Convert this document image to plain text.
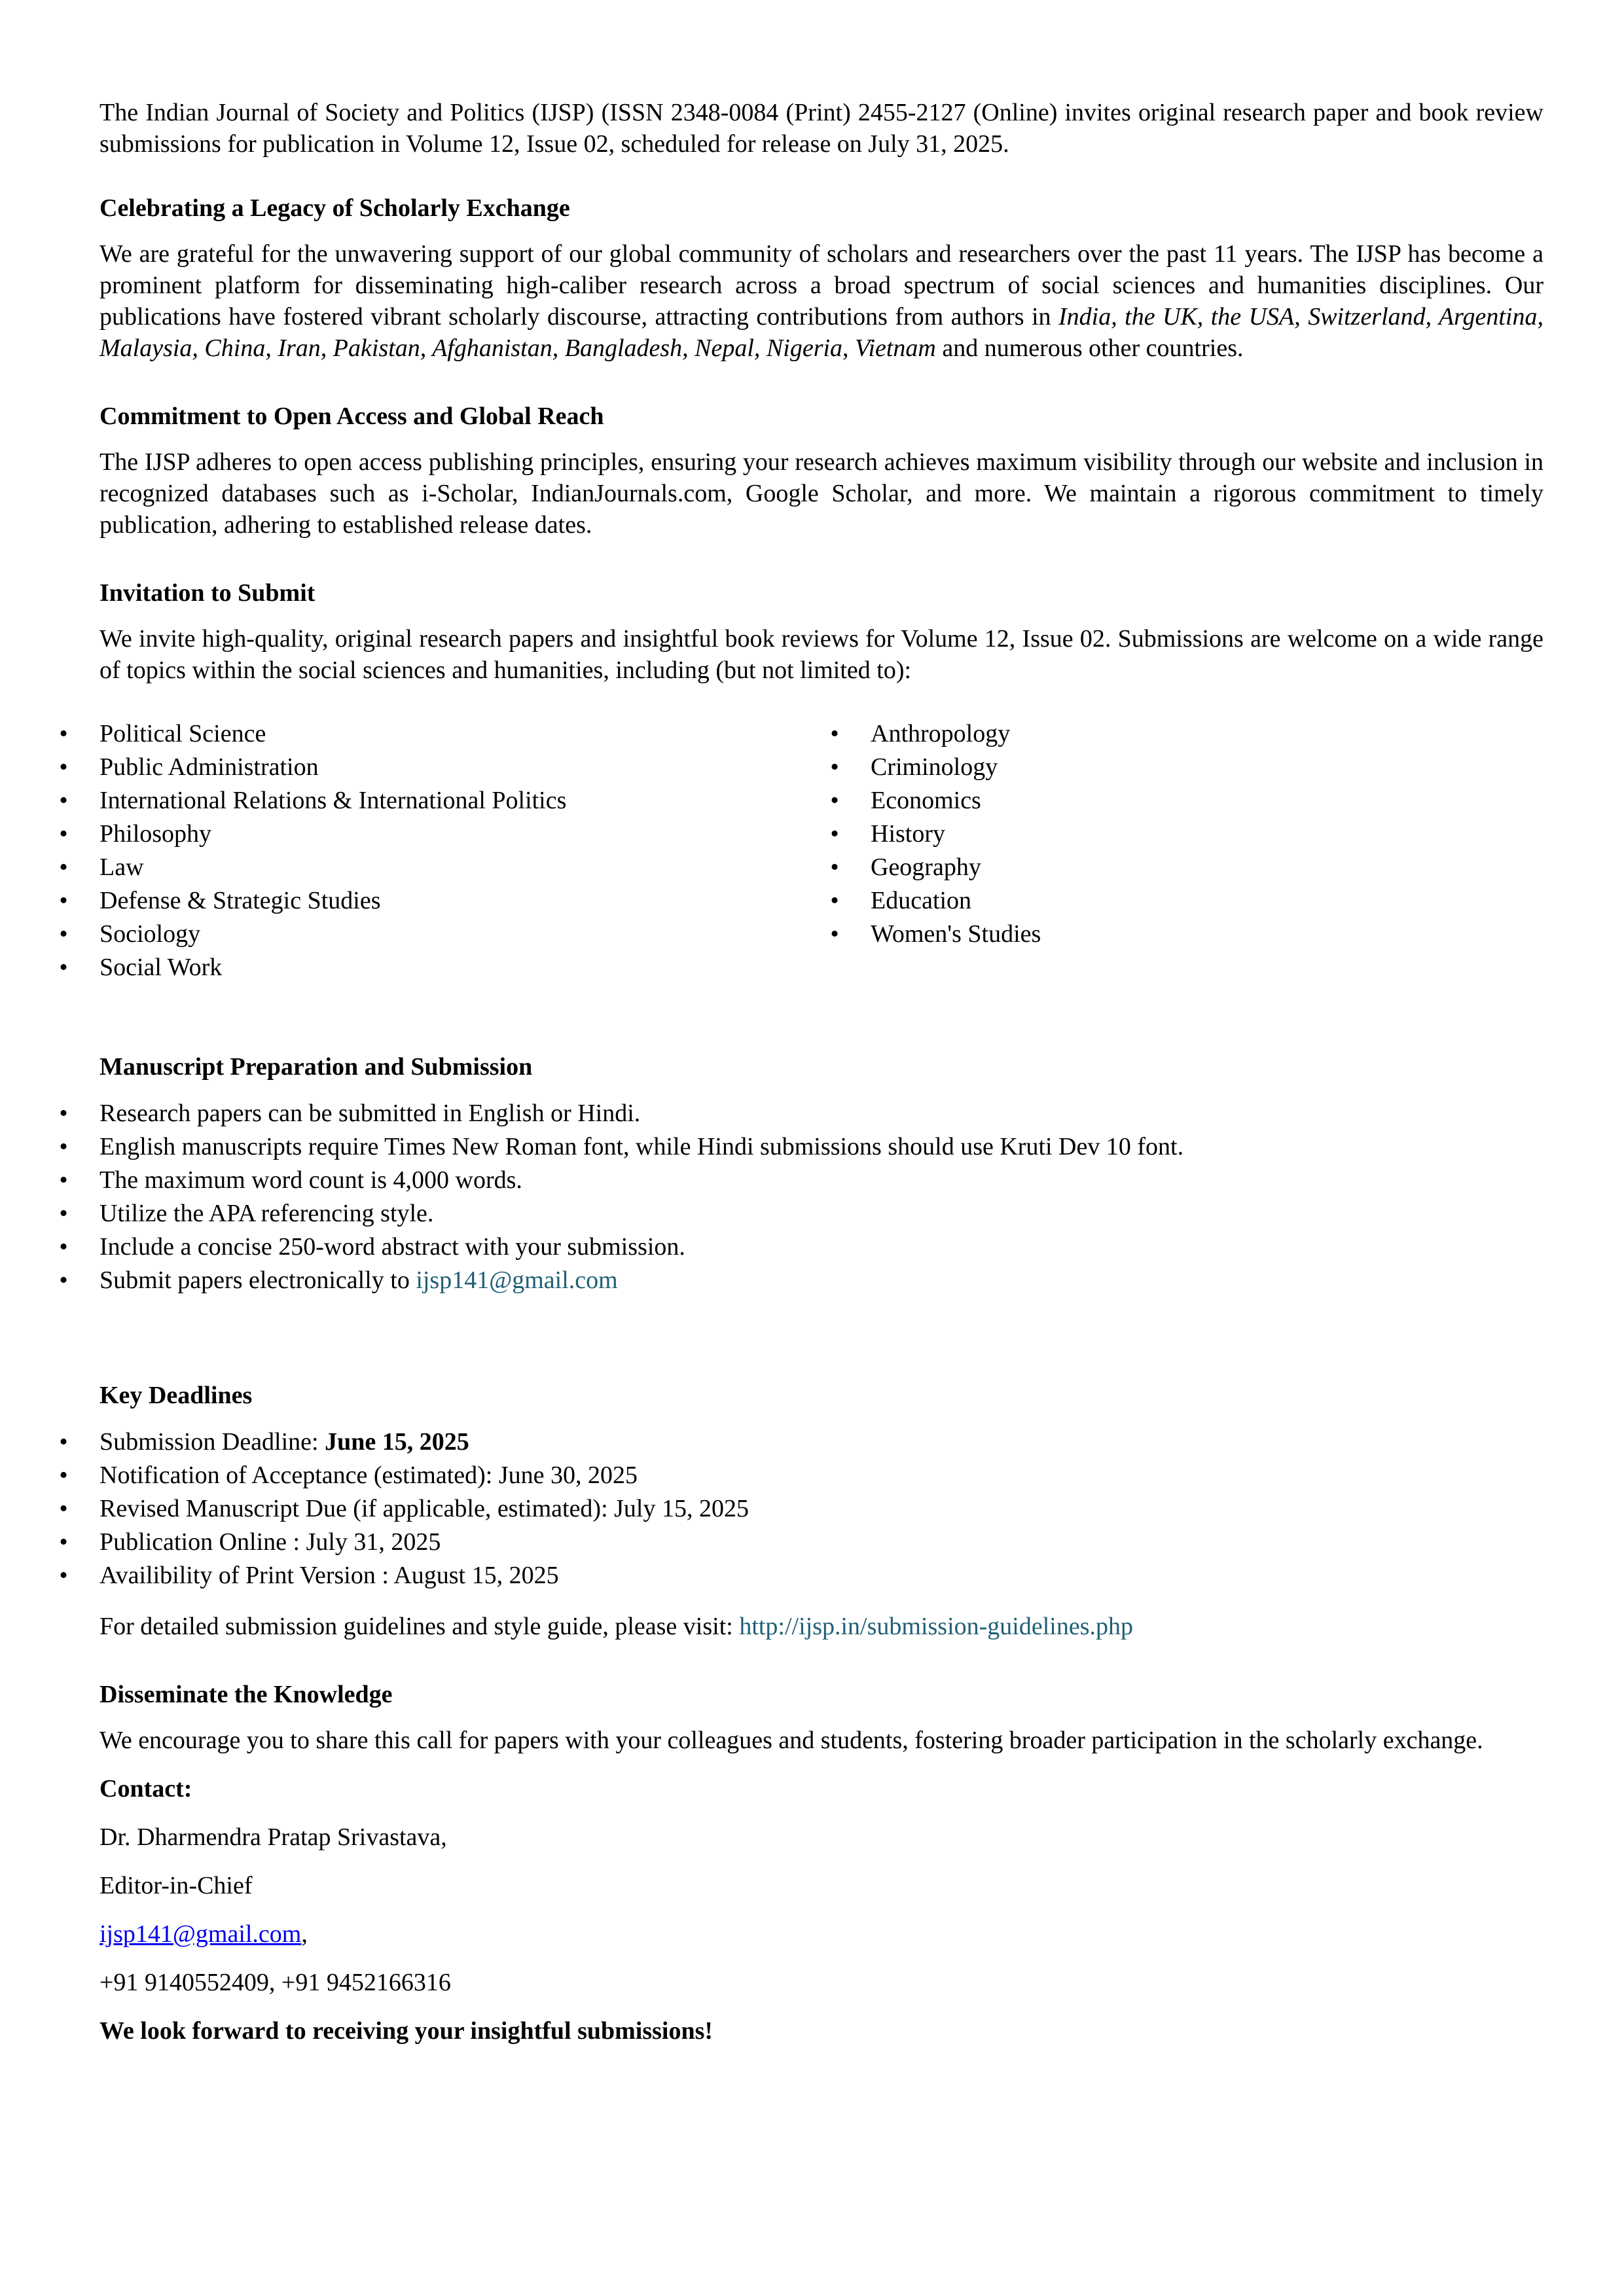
The Indian Journal of Society and Politics (IJSP) (ISSN 2348-0084 (Print) 2455-2127 (Online) invites original research paper and book review submissions for publication in Volume 12, Issue 02, scheduled for release on July 31, 2025.

Celebrating a Legacy of Scholarly Exchange

We are grateful for the unwavering support of our global community of scholars and researchers over the past 11 years. The IJSP has become a prominent platform for disseminating high-caliber research across a broad spectrum of social sciences and humanities disciplines. Our publications have fostered vibrant scholarly discourse, attracting contributions from authors in India, the UK, the USA, Switzerland, Argentina, Malaysia, China, Iran, Pakistan, Afghanistan, Bangladesh, Nepal, Nigeria, Vietnam and numerous other countries.

Commitment to Open Access and Global Reach

The IJSP adheres to open access publishing principles, ensuring your research achieves maximum visibility through our website and inclusion in recognized databases such as i-Scholar, IndianJournals.com, Google Scholar, and more. We maintain a rigorous commitment to timely publication, adhering to established release dates.

Invitation to Submit

We invite high-quality, original research papers and insightful book reviews for Volume 12, Issue 02. Submissions are welcome on a wide range of topics within the social sciences and humanities, including (but not limited to):

• Political Science
• Public Administration
• International Relations & International Politics
• Philosophy
• Law
• Defense & Strategic Studies
• Sociology
• Social Work
• Anthropology
• Criminology
• Economics
• History
• Geography
• Education
• Women's Studies
Manuscript Preparation and Submission
• Research papers can be submitted in English or Hindi.
• English manuscripts require Times New Roman font, while Hindi submissions should use Kruti Dev 10 font.
• The maximum word count is 4,000 words.
• Utilize the APA referencing style.
• Include a concise 250-word abstract with your submission.
• Submit papers electronically to ijsp141@gmail.com
Key Deadlines
• Submission Deadline: June 15, 2025
• Notification of Acceptance (estimated): June 30, 2025
• Revised Manuscript Due (if applicable, estimated): July 15, 2025
• Publication Online : July 31, 2025
• Availibility of Print Version : August 15, 2025

For detailed submission guidelines and style guide, please visit: http://ijsp.in/submission-guidelines.php

Disseminate the Knowledge

We encourage you to share this call for papers with your colleagues and students, fostering broader participation in the scholarly exchange.

Contact:

Dr. Dharmendra Pratap Srivastava,

Editor-in-Chief

ijsp141@gmail.com,

+91 9140552409, +91 9452166316

We look forward to receiving your insightful submissions!
